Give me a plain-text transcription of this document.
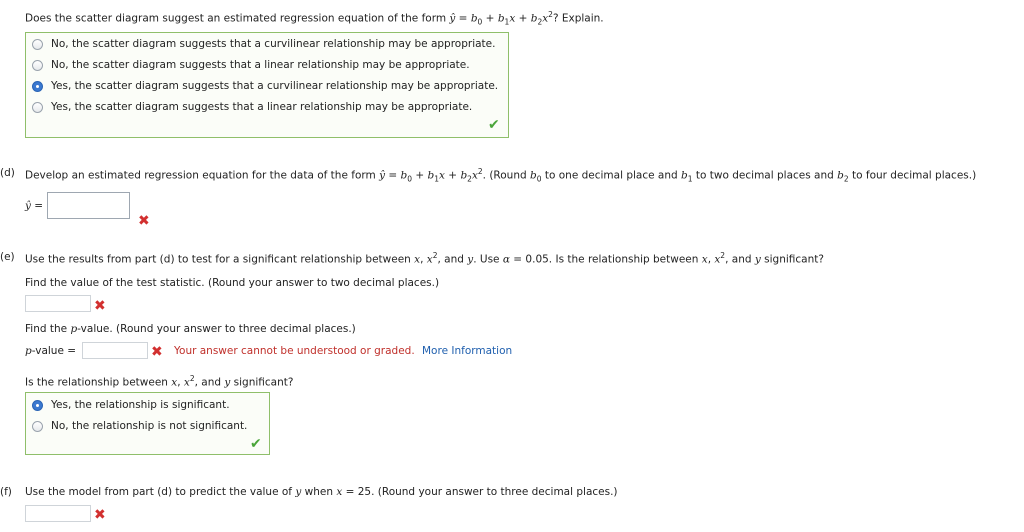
Does the scatter diagram suggest an estimated regression equation of the form ŷ = $b_0 + b_1x + b_2x^2$? Explain.
No, the scatter diagram suggests that a curvilinear relationship may be appropriate.
No, the scatter diagram suggests that a linear relationship may be appropriate.
Yes, the scatter diagram suggests that a curvilinear relationship may be appropriate.
Yes, the scatter diagram suggests that a linear relationship may be appropriate.
✔
(d) Develop an estimated regression equation for the data of the form ŷ = $b_0 + b_1x + b_2x^2$. (Round $b_0$ to one decimal place and $b_1$ to two decimal places and $b_2$ to four decimal places.)
ŷ =
✖
(e) Use the results from part (d) to test for a significant relationship between x, $x^2$, and y. Use α = 0.05. Is the relationship between x, $x^2$, and y significant?
Find the value of the test statistic. (Round your answer to two decimal places.)
✖
Find the p-value. (Round your answer to three decimal places.)
p-value =	✖ Your answer cannot be understood or graded. More Information
Is the relationship between x, $x^2$, and y significant?
Yes, the relationship is significant.
No, the relationship is not significant.
✔
(f) Use the model from part (d) to predict the value of y when x = 25. (Round your answer to three decimal places.)
✖
